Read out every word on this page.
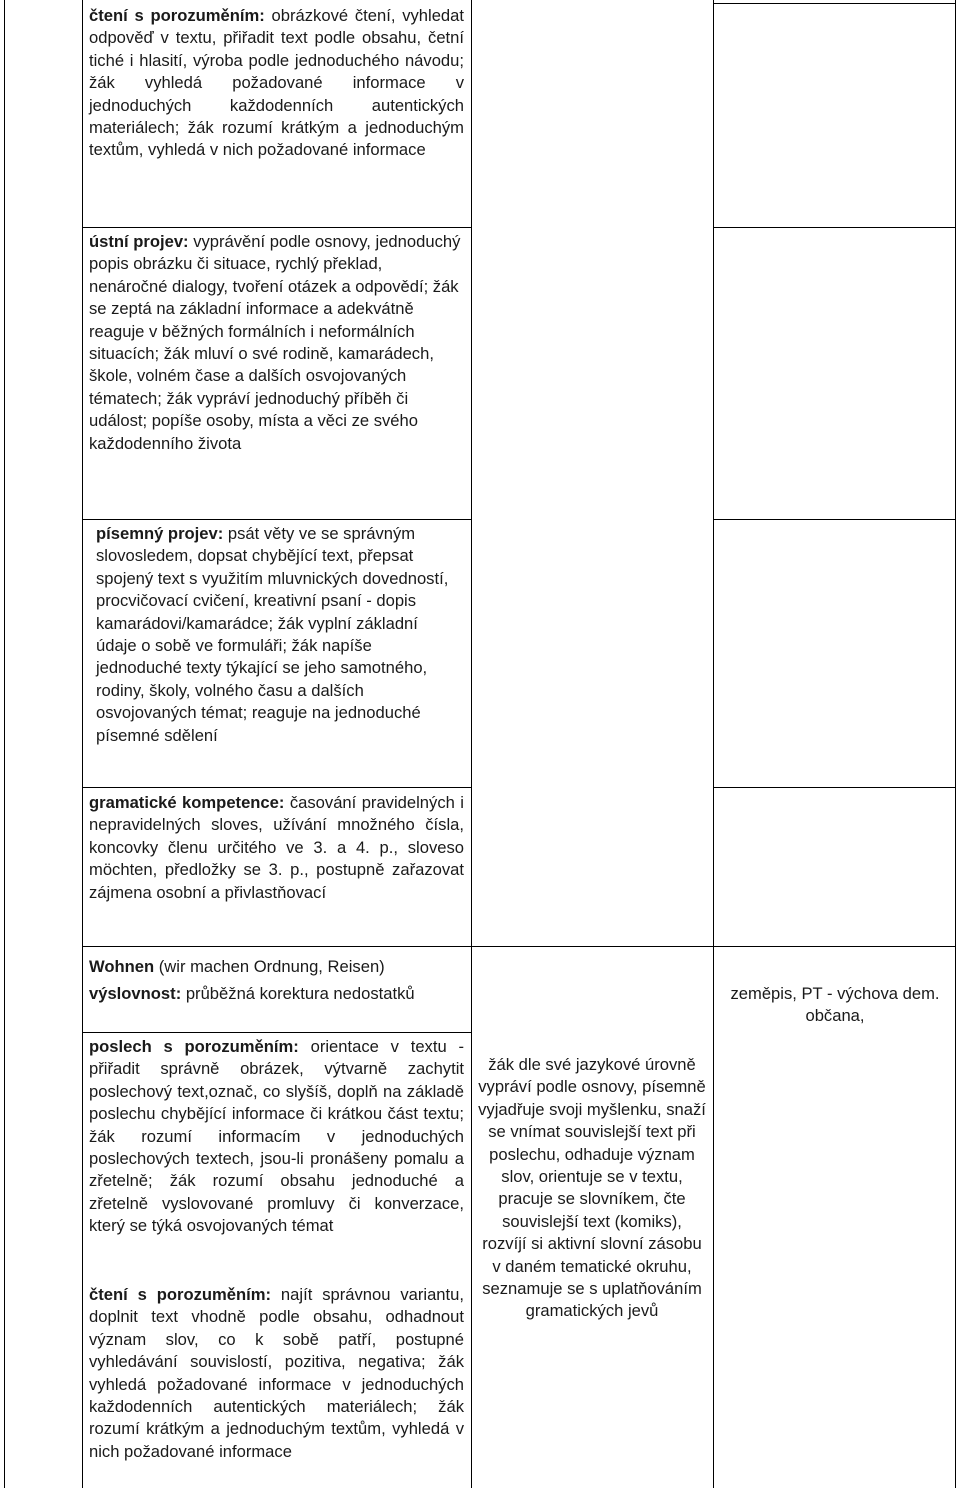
čtení s porozuměním: obrázkové čtení, vyhledat odpověď v textu, přiřadit text podle obsahu, četní tiché i hlasití, výroba podle jednoduchého návodu; žák vyhledá požadované informace v jednoduchých každodenních autentických materiálech; žák rozumí krátkým a jednoduchým textům, vyhledá v nich požadované informace

ústní projev: vyprávění podle osnovy, jednoduchý popis obrázku či situace, rychlý překlad, nenáročné dialogy, tvoření otázek a odpovědí; žák se zeptá na základní informace a adekvátně reaguje v běžných formálních i neformálních situacích; žák mluví o své rodině, kamarádech, škole, volném čase a dalších osvojovaných tématech; žák vypráví jednoduchý příběh či událost; popíše osoby, místa a věci ze svého každodenního života

písemný projev: psát věty ve se správným slovosledem, dopsat chybějící text, přepsat spojený text s využitím mluvnických dovedností, procvičovací cvičení, kreativní psaní - dopis kamarádovi/kamarádce; žák vyplní základní údaje o sobě ve formuláři; žák napíše jednoduché texty týkající se jeho samotného, rodiny, školy, volného času a dalších osvojovaných témat; reaguje na jednoduché písemné sdělení

gramatické kompetence: časování pravidelných i nepravidelných sloves, užívání množného čísla, koncovky členu určitého ve 3. a 4. p., sloveso möchten, předložky se 3. p., postupně zařazovat zájmena osobní a přivlastňovací

Wohnen (wir machen Ordnung, Reisen)

výslovnost: průběžná korektura nedostatků

poslech s porozuměním: orientace v textu -přiřadit správně obrázek, výtvarně zachytit poslechový text,označ, co slyšíš, doplň na základě poslechu chybějící informace či krátkou část textu; žák rozumí informacím v jednoduchých poslechových textech, jsou-li pronášeny pomalu a zřetelně; žák rozumí obsahu jednoduché a zřetelně vyslovované promluvy či konverzace, který se týká osvojovaných témat

čtení s porozuměním: najít správnou variantu, doplnit text vhodně podle obsahu, odhadnout význam slov, co k sobě patří, postupné vyhledávání souvislostí, pozitiva, negativa; žák vyhledá požadované informace v jednoduchých každodenních autentických materiálech; žák rozumí krátkým a jednoduchým textům, vyhledá v nich požadované informace

žák dle své jazykové úrovně vypráví podle osnovy, písemně vyjadřuje svoji myšlenku, snaží se vnímat souvislejší text při poslechu, odhaduje význam slov, orientuje se v textu, pracuje se slovníkem, čte souvislejší text (komiks), rozvíjí si aktivní slovní zásobu v daném tematické okruhu, seznamuje se s uplatňováním gramatických jevů
zeměpis, PT - výchova dem. občana,
